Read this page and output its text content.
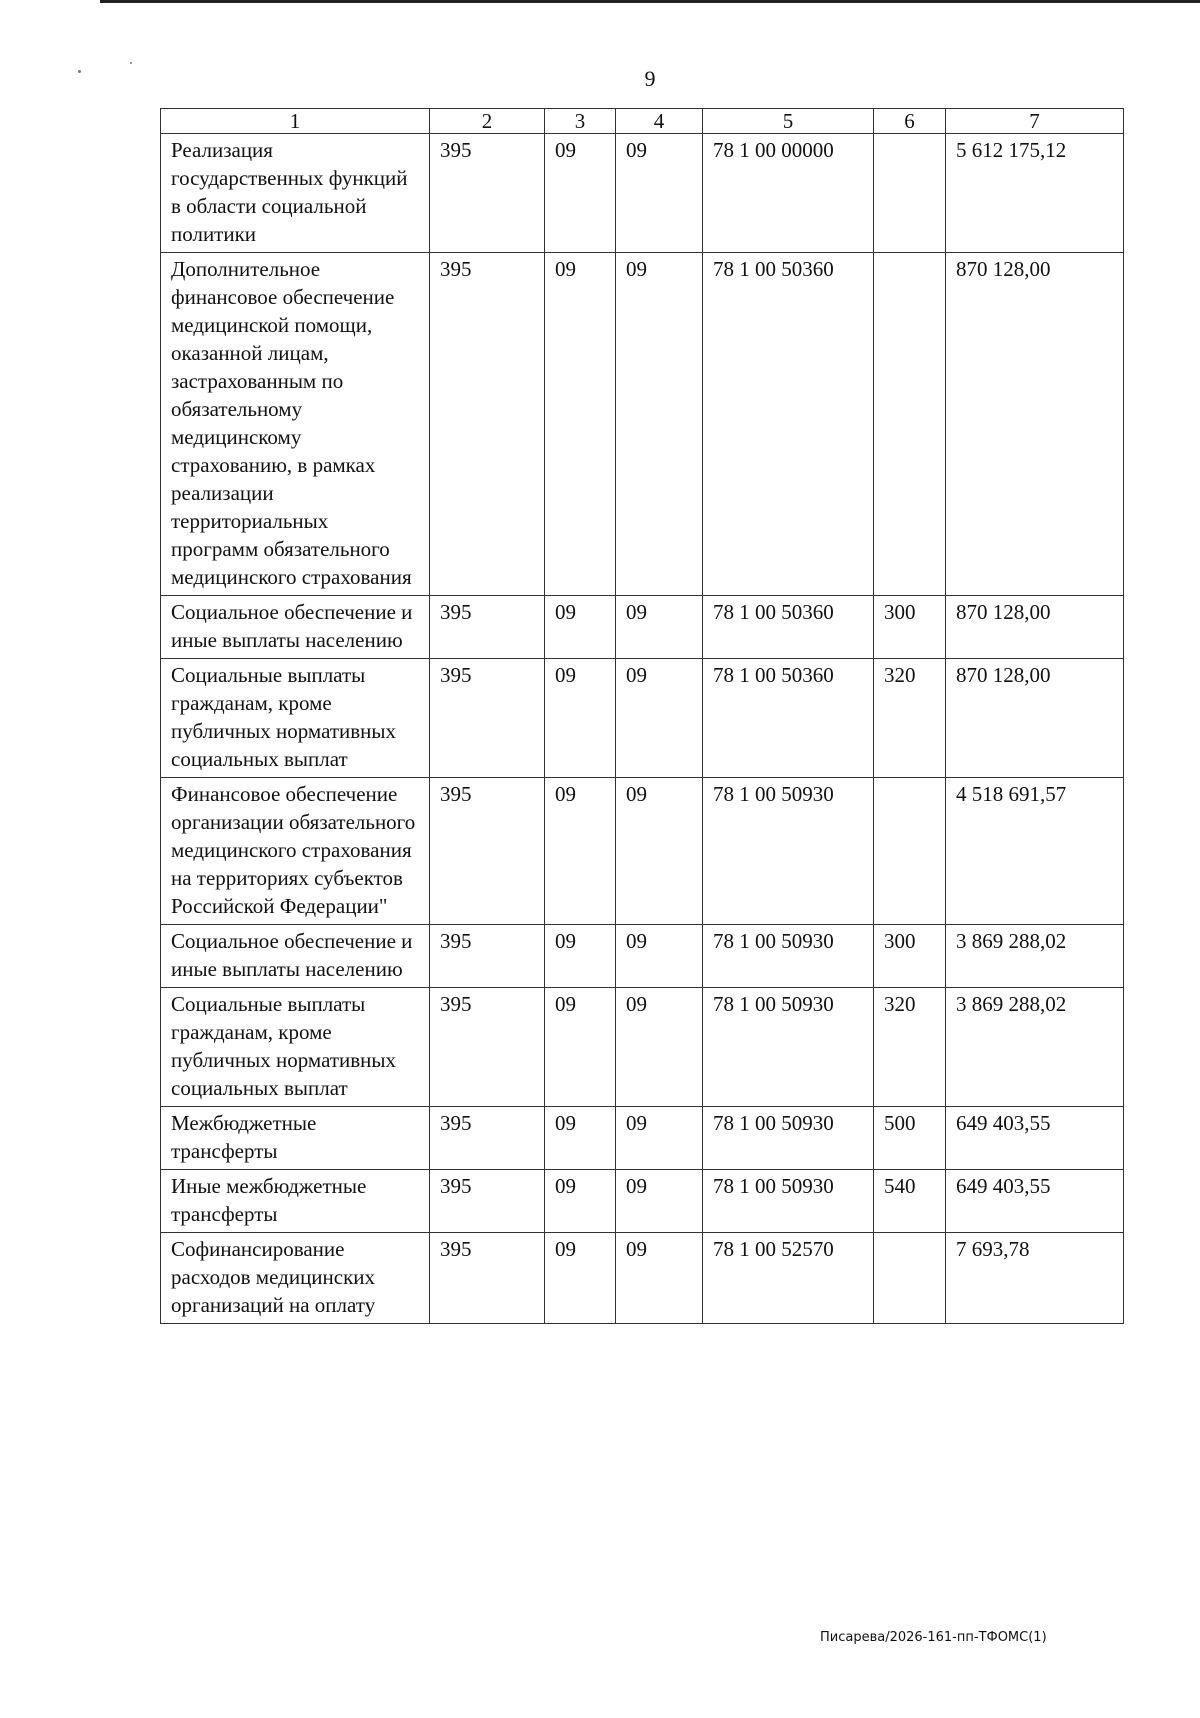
9
1	2	3	4	5	6	7
Реализация государственных функций в области социальной политики	395	09	09	78 1 00 00000		5 612 175,12
Дополнительное финансовое обеспечение медицинской помощи, оказанной лицам, застрахованным по обязательному медицинскому страхованию, в рамках реализации территориальных программ обязательного медицинского страхования	395	09	09	78 1 00 50360		870 128,00
Социальное обеспечение и иные выплаты населению	395	09	09	78 1 00 50360	300	870 128,00
Социальные выплаты гражданам, кроме публичных нормативных социальных выплат	395	09	09	78 1 00 50360	320	870 128,00
Финансовое обеспечение организации обязательного медицинского страхования на территориях субъектов Российской Федерации"	395	09	09	78 1 00 50930		4 518 691,57
Социальное обеспечение и иные выплаты населению	395	09	09	78 1 00 50930	300	3 869 288,02
Социальные выплаты гражданам, кроме публичных нормативных социальных выплат	395	09	09	78 1 00 50930	320	3 869 288,02
Межбюджетные трансферты	395	09	09	78 1 00 50930	500	649 403,55
Иные межбюджетные трансферты	395	09	09	78 1 00 50930	540	649 403,55
Софинансирование расходов медицинских организаций на оплату	395	09	09	78 1 00 52570		7 693,78
Писарева/2026-161-пп-ТФОМС(1)
